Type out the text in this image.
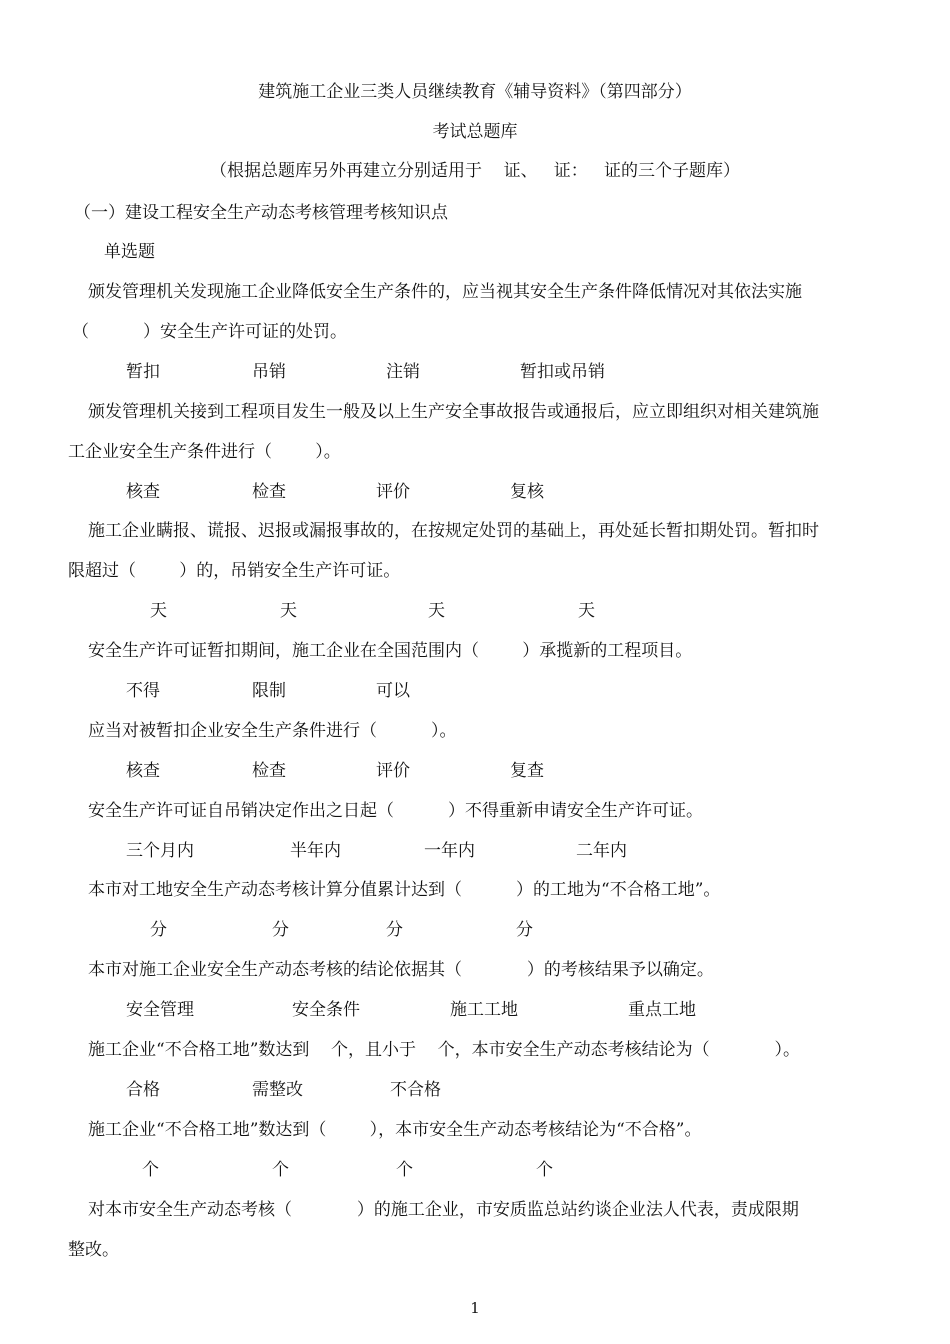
建筑施工企业三类人员继续教育《辅导资料》（第四部分）
考试总题库
（根据总题库另外再建立分别适用于    证、   证：   证的三个子题库）
（一）建设工程安全生产动态考核管理考核知识点
单选题
颁发管理机关发现施工企业降低安全生产条件的，应当视其安全生产条件降低情况对其依法实施
（          ）安全生产许可证的处罚。
暂扣	吊销	注销	暂扣或吊销
颁发管理机关接到工程项目发生一般及以上生产安全事故报告或通报后，应立即组织对相关建筑施
工企业安全生产条件进行（        ）。
核查	检查	评价	复核
施工企业瞒报、谎报、迟报或漏报事故的，在按规定处罚的基础上，再处延长暂扣期处罚。暂扣时
限超过（        ）的，吊销安全生产许可证。
天	天	天	天
安全生产许可证暂扣期间，施工企业在全国范围内（        ）承揽新的工程项目。
不得	限制	可以
应当对被暂扣企业安全生产条件进行（          ）。
核查	检查	评价	复查
安全生产许可证自吊销决定作出之日起（          ）不得重新申请安全生产许可证。
三个月内	半年内	一年内	二年内
本市对工地安全生产动态考核计算分值累计达到（          ）的工地为“不合格工地”。
分	分	分	分
本市对施工企业安全生产动态考核的结论依据其（            ）的考核结果予以确定。
安全管理	安全条件	施工工地	重点工地
施工企业“不合格工地”数达到    个，且小于    个，本市安全生产动态考核结论为（            ）。
合格	需整改	不合格
施工企业“不合格工地”数达到（        ），本市安全生产动态考核结论为“不合格”。
个	个	个	个
对本市安全生产动态考核（            ）的施工企业，市安质监总站约谈企业法人代表，责成限期
整改。
1
